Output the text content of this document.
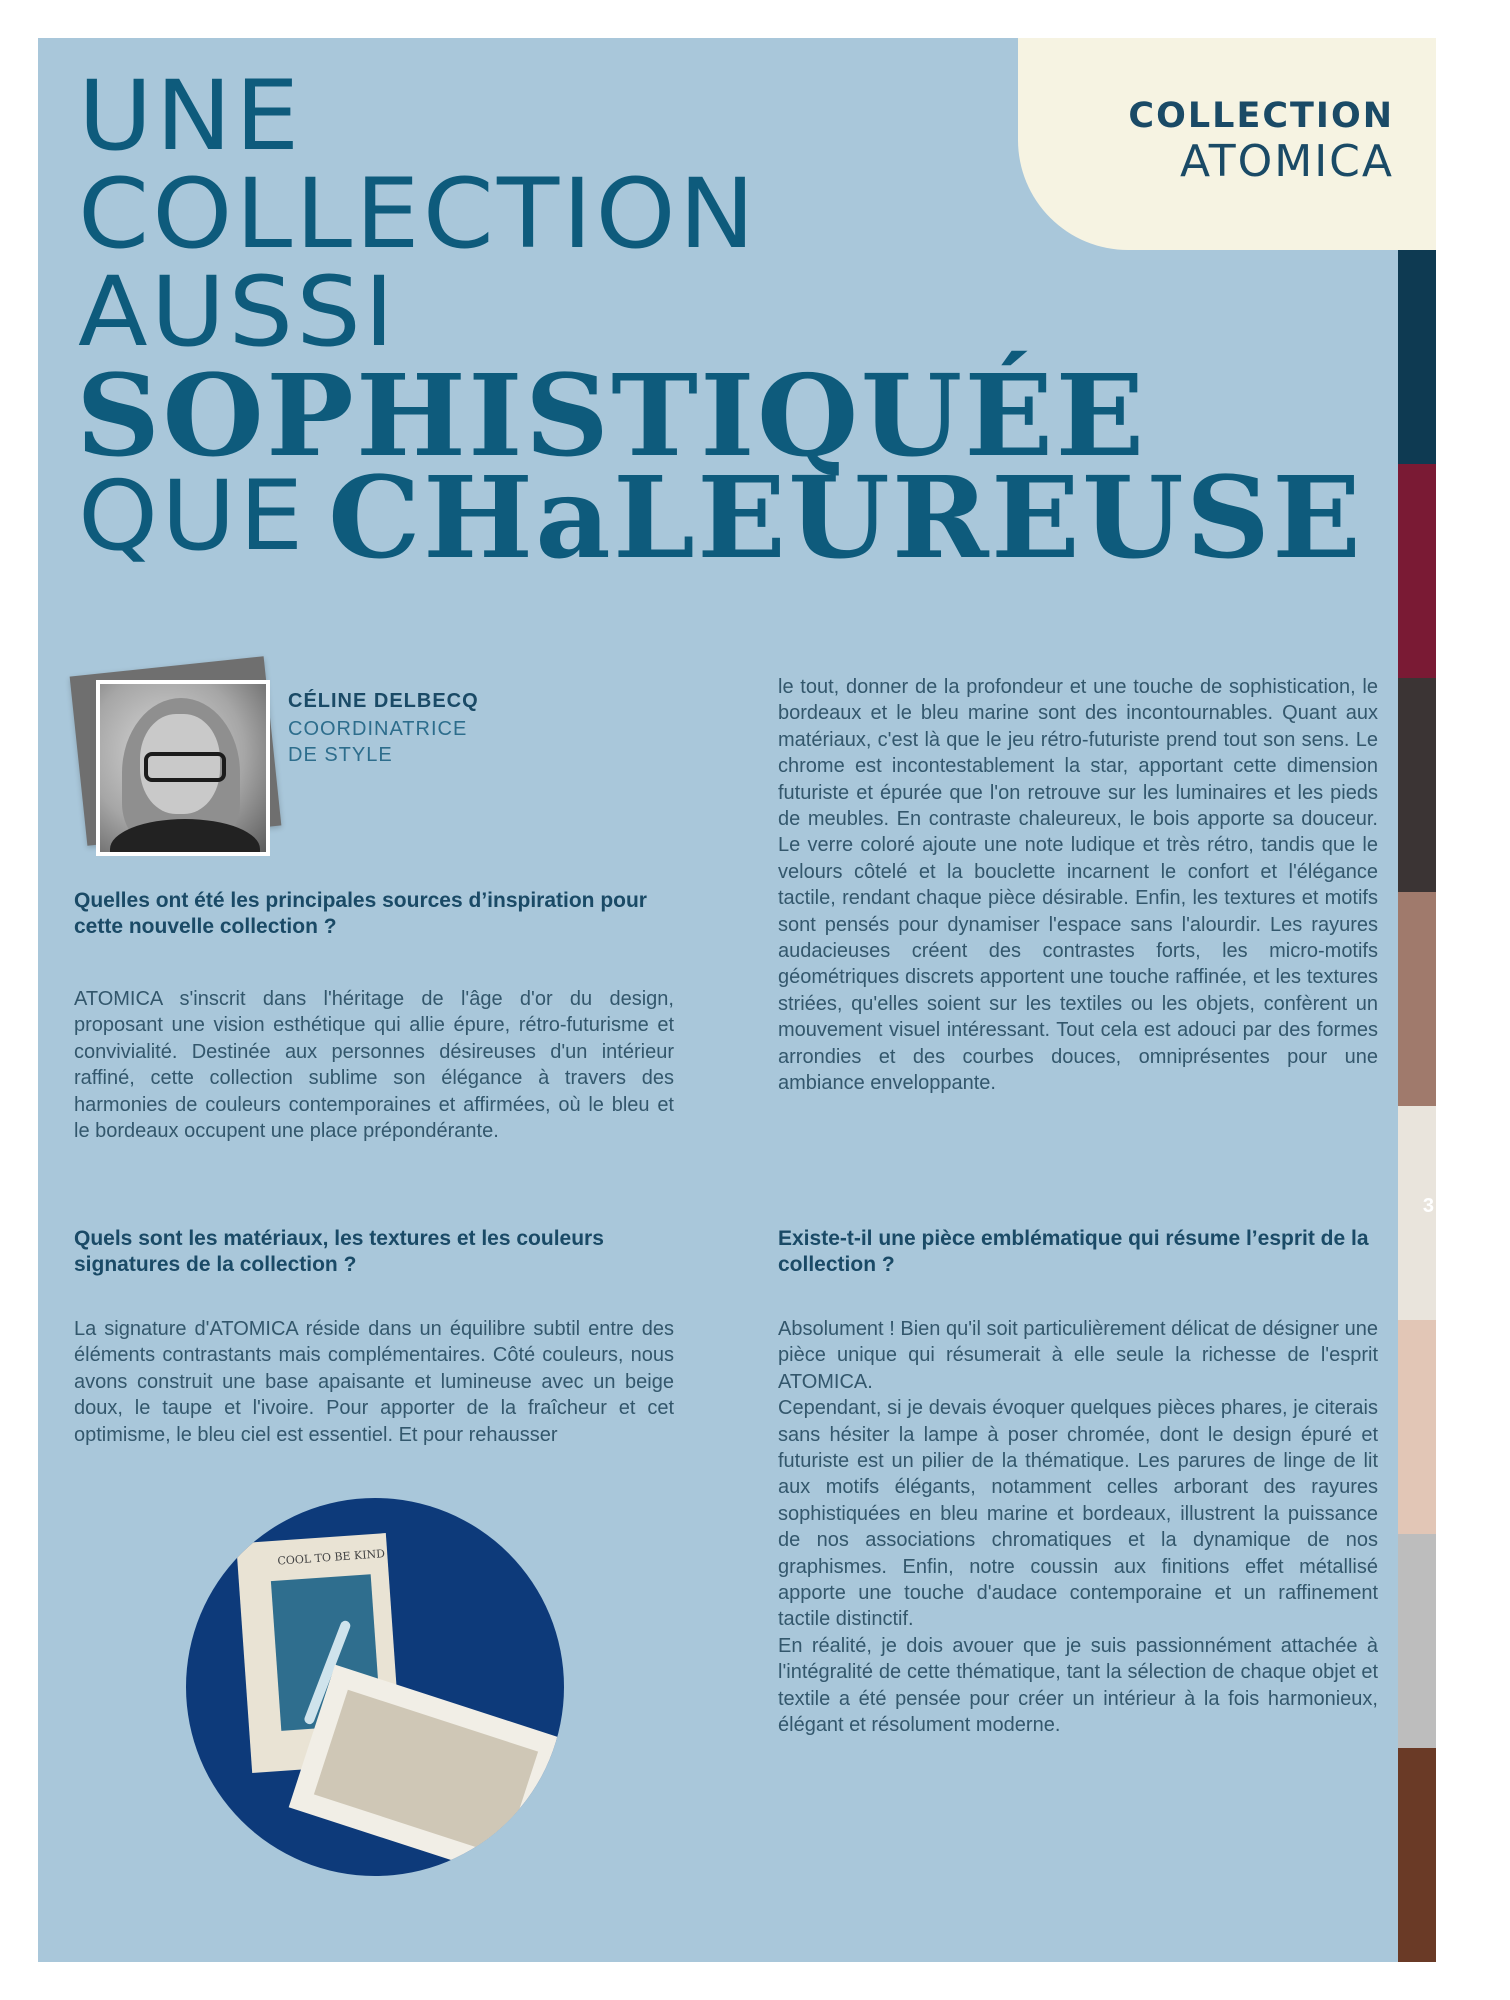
COLLECTION
ATOMICA
UNE
COLLECTION
AUSSI
SOPHISTIQUÉE
QUE CHaLEUREUSE
CÉLINE DELBECQ
COORDINATRICE
DE STYLE
Quelles ont été les principales sources d’inspiration pour cette nouvelle collection ?

ATOMICA s'inscrit dans l'héritage de l'âge d'or du design, proposant une vision esthétique qui allie épure, rétro-futurisme et convivialité. Destinée aux personnes désireuses d'un intérieur raffiné, cette collection sublime son élégance à travers des harmonies de couleurs contemporaines et affirmées, où le bleu et le bordeaux occupent une place prépondérante.

Quels sont les matériaux, les textures et les couleurs signatures de la collection ?

La signature d'ATOMICA réside dans un équilibre subtil entre des éléments contrastants mais complémentaires. Côté couleurs, nous avons construit une base apaisante et lumineuse avec un beige doux, le taupe et l'ivoire. Pour apporter de la fraîcheur et cet optimisme, le bleu ciel est essentiel. Et pour rehausser

le tout, donner de la profondeur et une touche de sophistication, le bordeaux et le bleu marine sont des incontournables. Quant aux matériaux, c'est là que le jeu rétro-futuriste prend tout son sens. Le chrome est incontestablement la star, apportant cette dimension futuriste et épurée que l'on retrouve sur les luminaires et les pieds de meubles. En contraste chaleureux, le bois apporte sa douceur. Le verre coloré ajoute une note ludique et très rétro, tandis que le velours côtelé et la bouclette incarnent le confort et l'élégance tactile, rendant chaque pièce désirable. Enfin, les textures et motifs sont pensés pour dynamiser l'espace sans l'alourdir. Les rayures audacieuses créent des contrastes forts, les micro-motifs géométriques discrets apportent une touche raffinée, et les textures striées, qu'elles soient sur les textiles ou les objets, confèrent un mouvement visuel intéressant. Tout cela est adouci par des formes arrondies et des courbes douces, omniprésentes pour une ambiance enveloppante.

Existe-t-il une pièce emblématique qui résume l’esprit de la collection ?

Absolument ! Bien qu'il soit particulièrement délicat de désigner une pièce unique qui résumerait à elle seule la richesse de l'esprit ATOMICA.

Cependant, si je devais évoquer quelques pièces phares, je citerais sans hésiter la lampe à poser chromée, dont le design épuré et futuriste est un pilier de la thématique. Les parures de linge de lit aux motifs élégants, notamment celles arborant des rayures sophistiquées en bleu marine et bordeaux, illustrent la puissance de nos associations chromatiques et la dynamique de nos graphismes. Enfin, notre coussin aux finitions effet métallisé apporte une touche d'audace contemporaine et un raffinement tactile distinctif.

En réalité, je dois avouer que je suis passionnément attachée à l'intégralité de cette thématique, tant la sélection de chaque objet et textile a été pensée pour créer un intérieur à la fois harmonieux, élégant et résolument moderne.

COOL TO BE KIND
3
